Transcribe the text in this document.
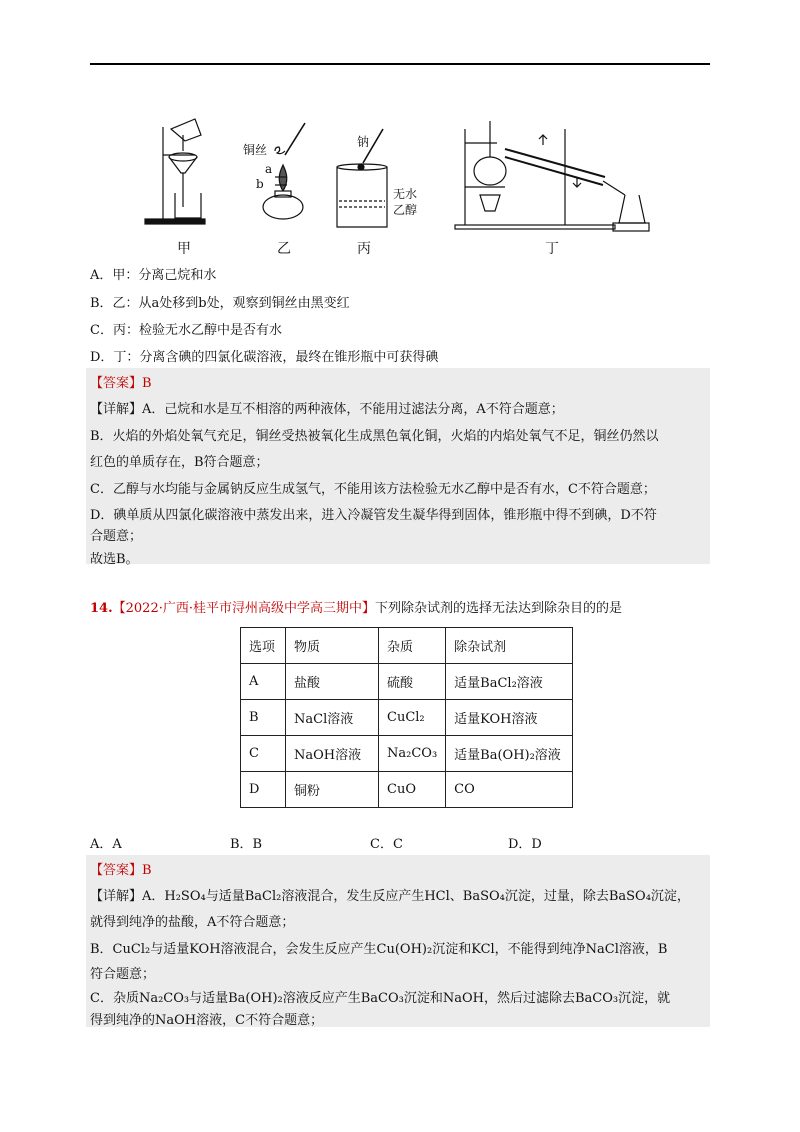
铜丝
a
b
钠
无水
乙醇
甲	乙	丙	丁
A．甲：分离己烷和水
B．乙：从a处移到b处，观察到铜丝由黑变红
C．丙：检验无水乙醇中是否有水
D．丁：分离含碘的四氯化碳溶液，最终在锥形瓶中可获得碘
【答案】B
【详解】A．己烷和水是互不相溶的两种液体，不能用过滤法分离，A不符合题意；
B．火焰的外焰处氧气充足，铜丝受热被氧化生成黑色氧化铜，火焰的内焰处氧气不足，铜丝仍然以
红色的单质存在，B符合题意；
C．乙醇与水均能与金属钠反应生成氢气，不能用该方法检验无水乙醇中是否有水，C不符合题意；
D．碘单质从四氯化碳溶液中蒸发出来，进入冷凝管发生凝华得到固体，锥形瓶中得不到碘，D不符
合题意；
故选B。
14.【2022·广西·桂平市浔州高级中学高三期中】下列除杂试剂的选择无法达到除杂目的的是
选项	物质	杂质	除杂试剂
A	盐酸	硫酸	适量BaCl₂溶液
B	NaCl溶液	CuCl₂	适量KOH溶液
C	NaOH溶液	Na₂CO₃	适量Ba(OH)₂溶液
D	铜粉	CuO	CO
A．A	B．B	C．C	D．D
【答案】B
【详解】A．H₂SO₄与适量BaCl₂溶液混合，发生反应产生HCl、BaSO₄沉淀，过量，除去BaSO₄沉淀，
就得到纯净的盐酸，A不符合题意；
B．CuCl₂与适量KOH溶液混合，会发生反应产生Cu(OH)₂沉淀和KCl，不能得到纯净NaCl溶液，B
符合题意；
C．杂质Na₂CO₃与适量Ba(OH)₂溶液反应产生BaCO₃沉淀和NaOH，然后过滤除去BaCO₃沉淀，就
得到纯净的NaOH溶液，C不符合题意；
